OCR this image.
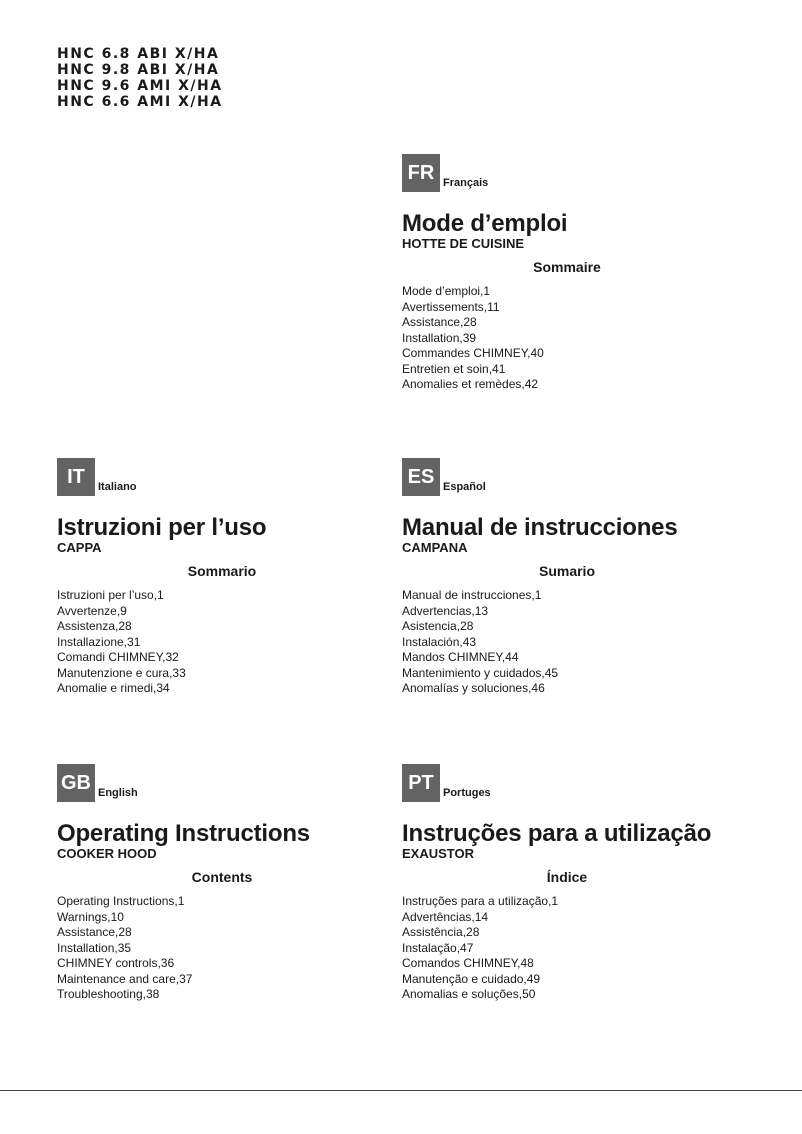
HNC 6.8 ABI X/HA
HNC 9.8 ABI X/HA
HNC 9.6 AMI X/HA
HNC 6.6 AMI X/HA
FR Français
Mode d’emploi
HOTTE DE CUISINE
Sommaire
Mode d’emploi,1
Avertissements,11
Assistance,28
Installation,39
Commandes CHIMNEY,40
Entretien et soin,41
Anomalies et remèdes,42
IT	Italiano
Istruzioni per l’uso
CAPPA
Sommario
Istruzioni per l’uso,1
Avvertenze,9
Assistenza,28
Installazione,31
Comandi CHIMNEY,32
Manutenzione e cura,33
Anomalie e rimedi,34
ES Español
Manual de instrucciones
CAMPANA
Sumario
Manual de instrucciones,1
Advertencias,13
Asistencia,28
Instalación,43
Mandos CHIMNEY,44
Mantenimiento y cuidados,45
Anomalías y soluciones,46
GB English
Operating Instructions
COOKER HOOD
Contents
Operating Instructions,1
Warnings,10
Assistance,28
Installation,35
CHIMNEY controls,36
Maintenance and care,37
Troubleshooting,38
PT Portuges
Instruções para a utilização
EXAUSTOR
Índice
Instruções para a utilização,1
Advertências,14
Assistência,28
Instalação,47
Comandos CHIMNEY,48
Manutenção e cuidado,49
Anomalias e soluções,50
